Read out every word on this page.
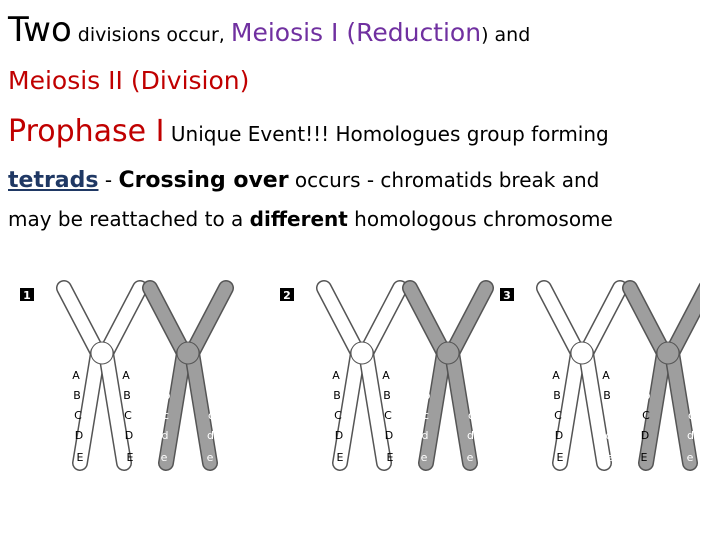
Two divisions occur, Meiosis I (Reduction) and
Meiosis II (Division)
Prophase I Unique Event!!! Homologues group forming
tetrads - Crossing over occurs - chromatids break and
may be reattached to a different homologous chromosome
1
A	A	a	a
B	B	b	b
C	C	c	c
D	D	d	d
E	E e	e
2
A	A	a	a
B	B	b	b
C	C	c	c
D	D	d	d
E	E e	e
3
A	A	a	a
B	B	b	b
C	c	C	c
D	d	D	d
E	e E	e
